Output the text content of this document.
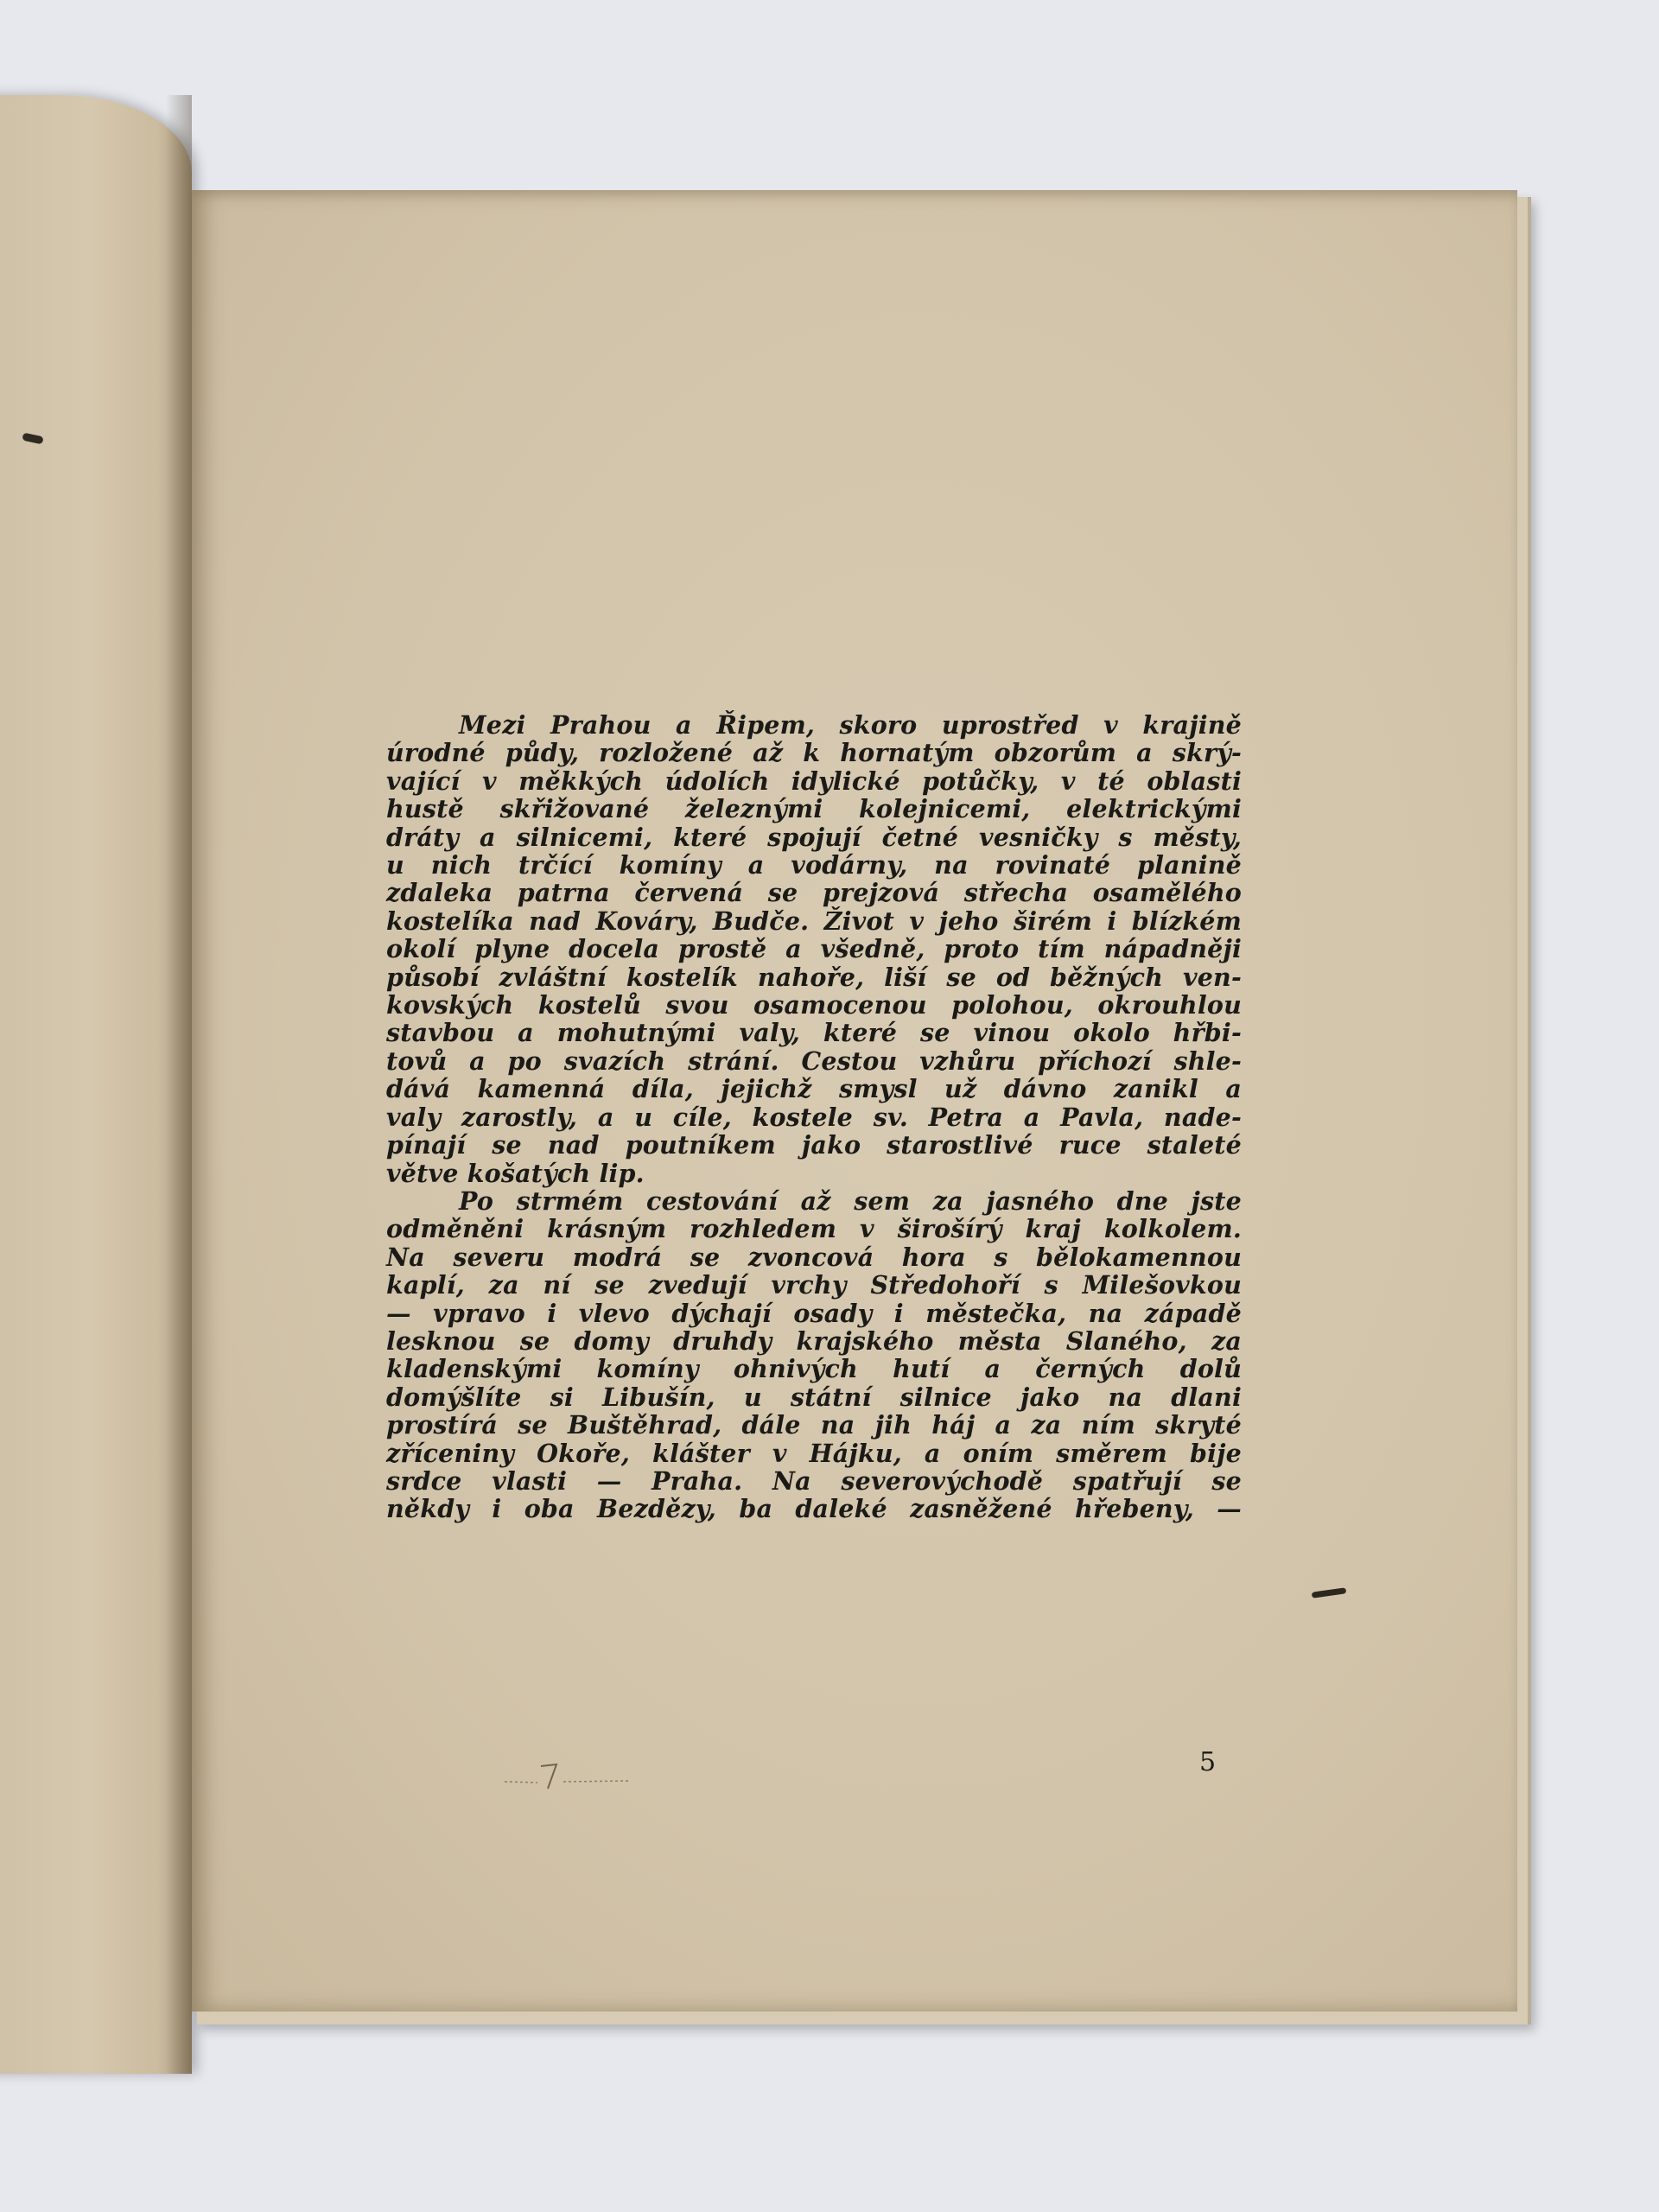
Mezi Prahou a Řipem, skoro uprostřed v krajině
úrodné půdy, rozložené až k hornatým obzorům a skrý-
vající v měkkých údolích idylické potůčky, v té oblasti
hustě skřižované železnými kolejnicemi, elektrickými
dráty a silnicemi, které spojují četné vesničky s městy,
u nich trčící komíny a vodárny, na rovinaté planině
zdaleka patrna červená se prejzová střecha osamělého
kostelíka nad Kováry, Budče. Život v jeho širém i blízkém
okolí plyne docela prostě a všedně, proto tím nápadněji
působí zvláštní kostelík nahoře, liší se od běžných ven-
kovských kostelů svou osamocenou polohou, okrouhlou
stavbou a mohutnými valy, které se vinou okolo hřbi-
tovů a po svazích strání. Cestou vzhůru příchozí shle-
dává kamenná díla, jejichž smysl už dávno zanikl a
valy zarostly, a u cíle, kostele sv. Petra a Pavla, nade-
pínají se nad poutníkem jako starostlivé ruce staleté
větve košatých lip.

Po strmém cestování až sem za jasného dne jste
odměněni krásným rozhledem v širošírý kraj kolkolem.
Na severu modrá se zvoncová hora s bělokamennou
kaplí, za ní se zvedují vrchy Středohoří s Milešovkou
— vpravo i vlevo dýchají osady i městečka, na západě
lesknou se domy druhdy krajského města Slaného, za
kladenskými komíny ohnivých hutí a černých dolů
domýšlíte si Libušín, u státní silnice jako na dlani
prostírá se Buštěhrad, dále na jih háj a za ním skryté
zříceniny Okoře, klášter v Hájku, a oním směrem bije
srdce vlasti — Praha. Na severovýchodě spatřují se
někdy i oba Bezdězy, ba daleké zasněžené hřebeny, —

5
